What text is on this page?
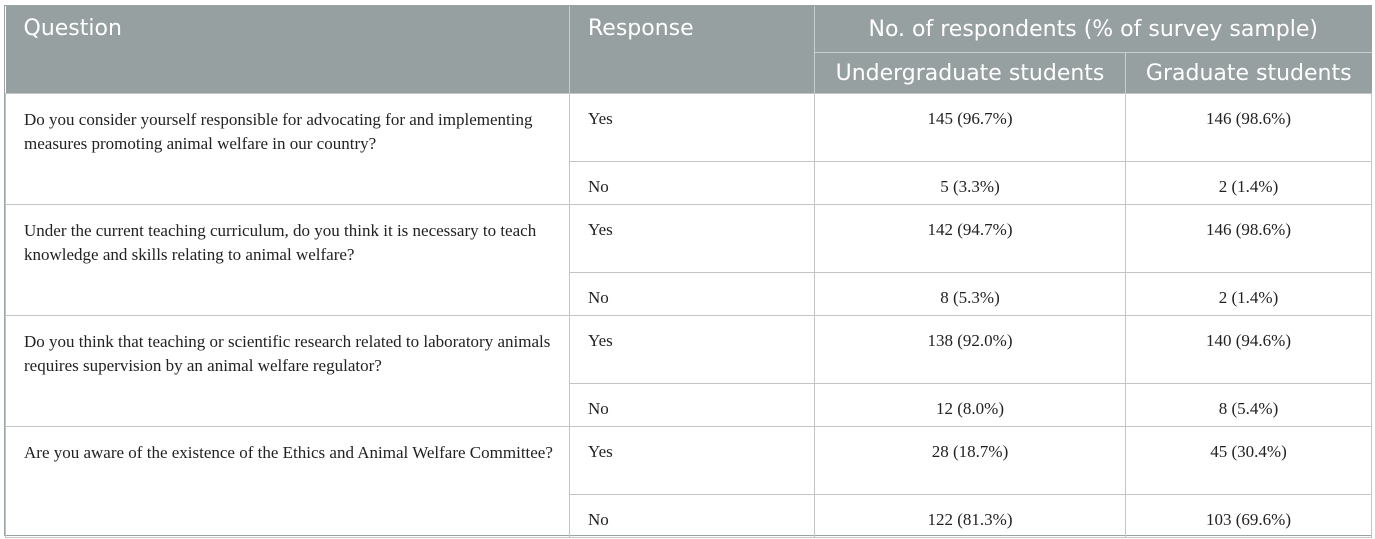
Question	Response	No. of respondents (% of survey sample)	
		Undergraduate students	Graduate students
Do you consider yourself responsible for advocating for and implementing measures promoting animal welfare in our country?	Yes	145 (96.7%)	146 (98.6%)
	No	5 (3.3%)	2 (1.4%)
Under the current teaching curriculum, do you think it is necessary to teach knowledge and skills relating to animal welfare?	Yes	142 (94.7%)	146 (98.6%)
	No	8 (5.3%)	2 (1.4%)
Do you think that teaching or scientific research related to laboratory animals requires supervision by an animal welfare regulator?	Yes	138 (92.0%)	140 (94.6%)
	No	12 (8.0%)	8 (5.4%)
Are you aware of the existence of the Ethics and Animal Welfare Committee?	Yes	28 (18.7%)	45 (30.4%)
	No	122 (81.3%)	103 (69.6%)
